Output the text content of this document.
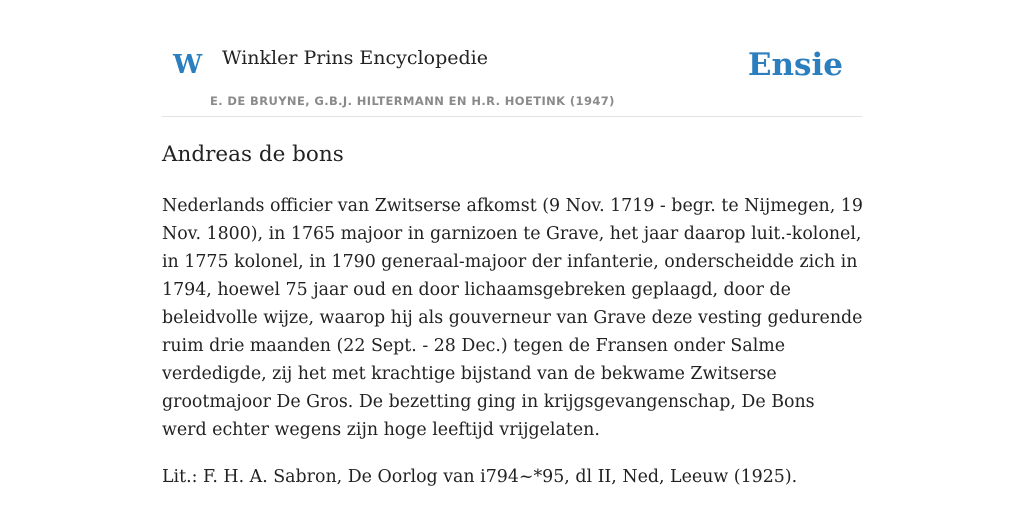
W Winkler Prins Encyclopedie
E. DE BRUYNE, G.B.J. HILTERMANN EN H.R. HOETINK (1947)
Ensie
Andreas de bons

Nederlands officier van Zwitserse afkomst (9 Nov. 1719 - begr. te Nijmegen, 19 Nov. 1800), in 1765 majoor in garnizoen te Grave, het jaar daarop luit.-kolonel, in 1775 kolonel, in 1790 generaal-majoor der infanterie, onderscheidde zich in 1794, hoewel 75 jaar oud en door lichaamsgebreken geplaagd, door de beleidvolle wijze, waarop hij als gouverneur van Grave deze vesting gedurende ruim drie maanden (22 Sept. - 28 Dec.) tegen de Fransen onder Salme verdedigde, zij het met krachtige bijstand van de bekwame Zwitserse grootmajoor De Gros. De bezetting ging in krijgsgevangenschap, De Bons werd echter wegens zijn hoge leeftijd vrijgelaten.

Lit.: F. H. A. Sabron, De Oorlog van i794~*95, dl II, Ned, Leeuw (1925).
